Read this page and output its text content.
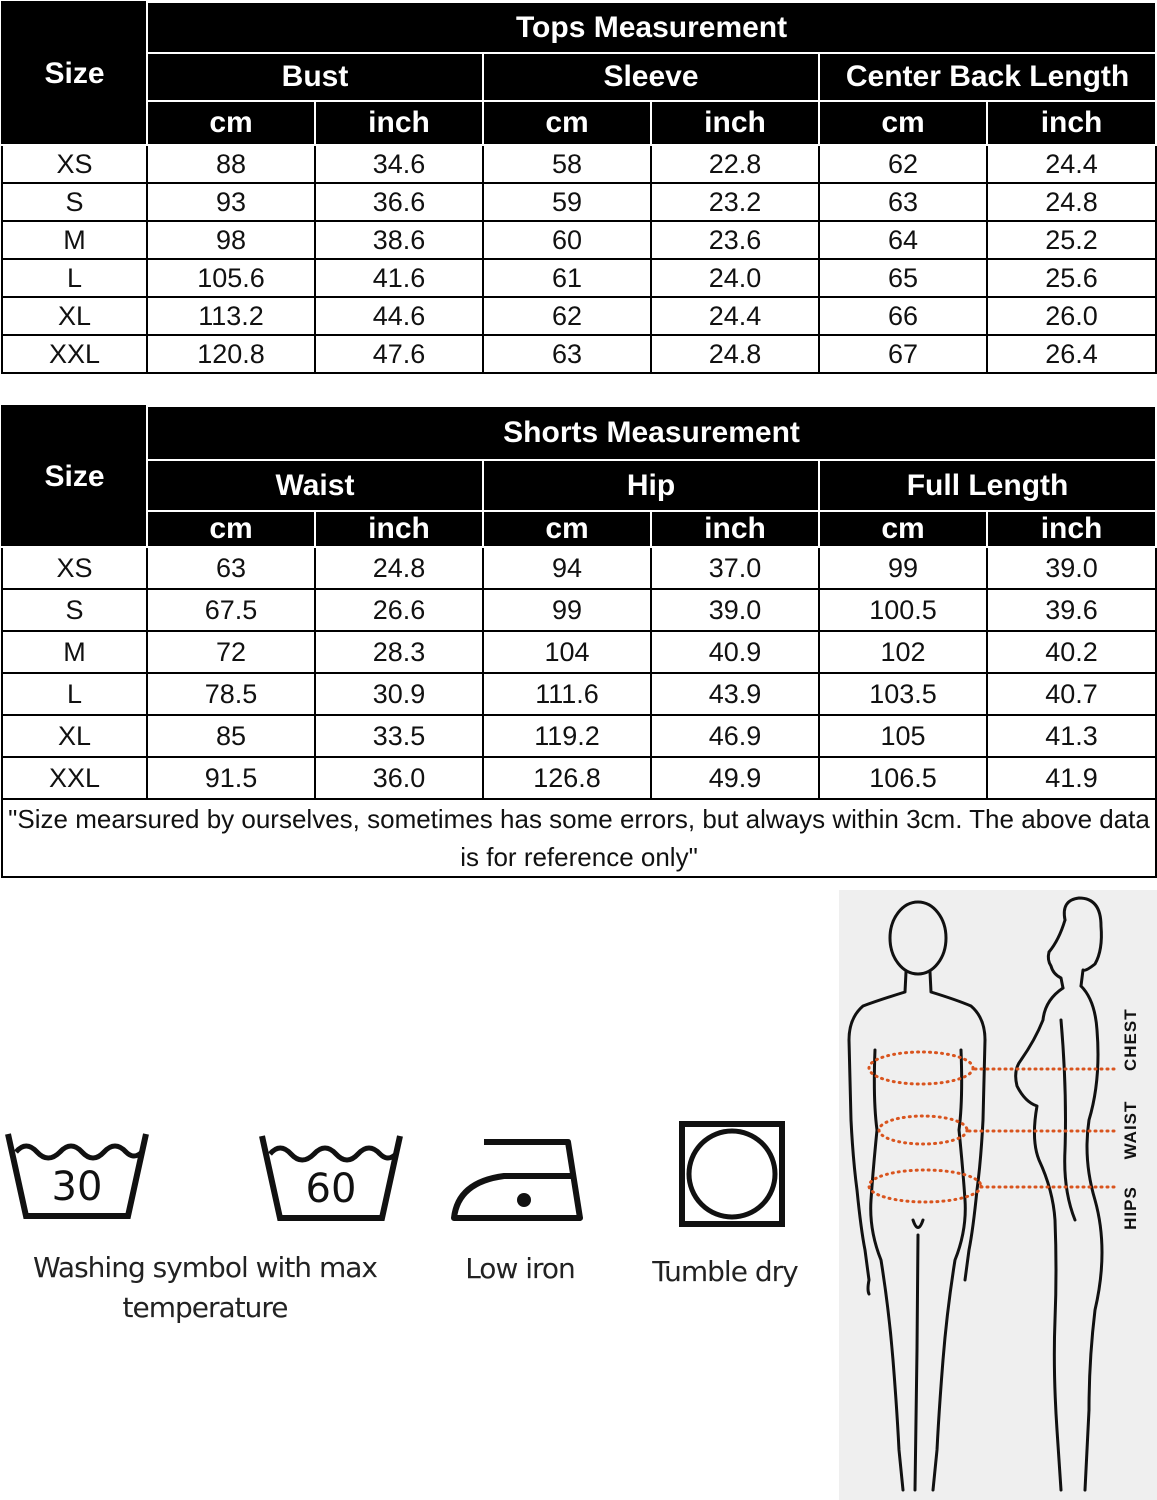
Size	Tops Measurement					
	Bust		Sleeve		Center Back Length	
	cm	inch	cm	inch	cm	inch
XS	88	34.6	58	22.8	62	24.4
S	93	36.6	59	23.2	63	24.8
M	98	38.6	60	23.6	64	25.2
L	105.6	41.6	61	24.0	65	25.6
XL	113.2	44.6	62	24.4	66	26.0
XXL	120.8	47.6	63	24.8	67	26.4
Size	Shorts Measurement					
	Waist		Hip		Full Length	
	cm	inch	cm	inch	cm	inch
XS	63	24.8	94	37.0	99	39.0
S	67.5	26.6	99	39.0	100.5	39.6
M	72	28.3	104	40.9	102	40.2
L	78.5	30.9	111.6	43.9	103.5	40.7
XL	85	33.5	119.2	46.9	105	41.3
XXL	91.5	36.0	126.8	49.9	106.5	41.9
"Size mearsured by ourselves, sometimes has some errors, but always within 3cm. The above data is for reference only"						
30	60
Washing symbol with max temperature
Low iron	Tumble dry
CHEST
WAIST
HIPS
